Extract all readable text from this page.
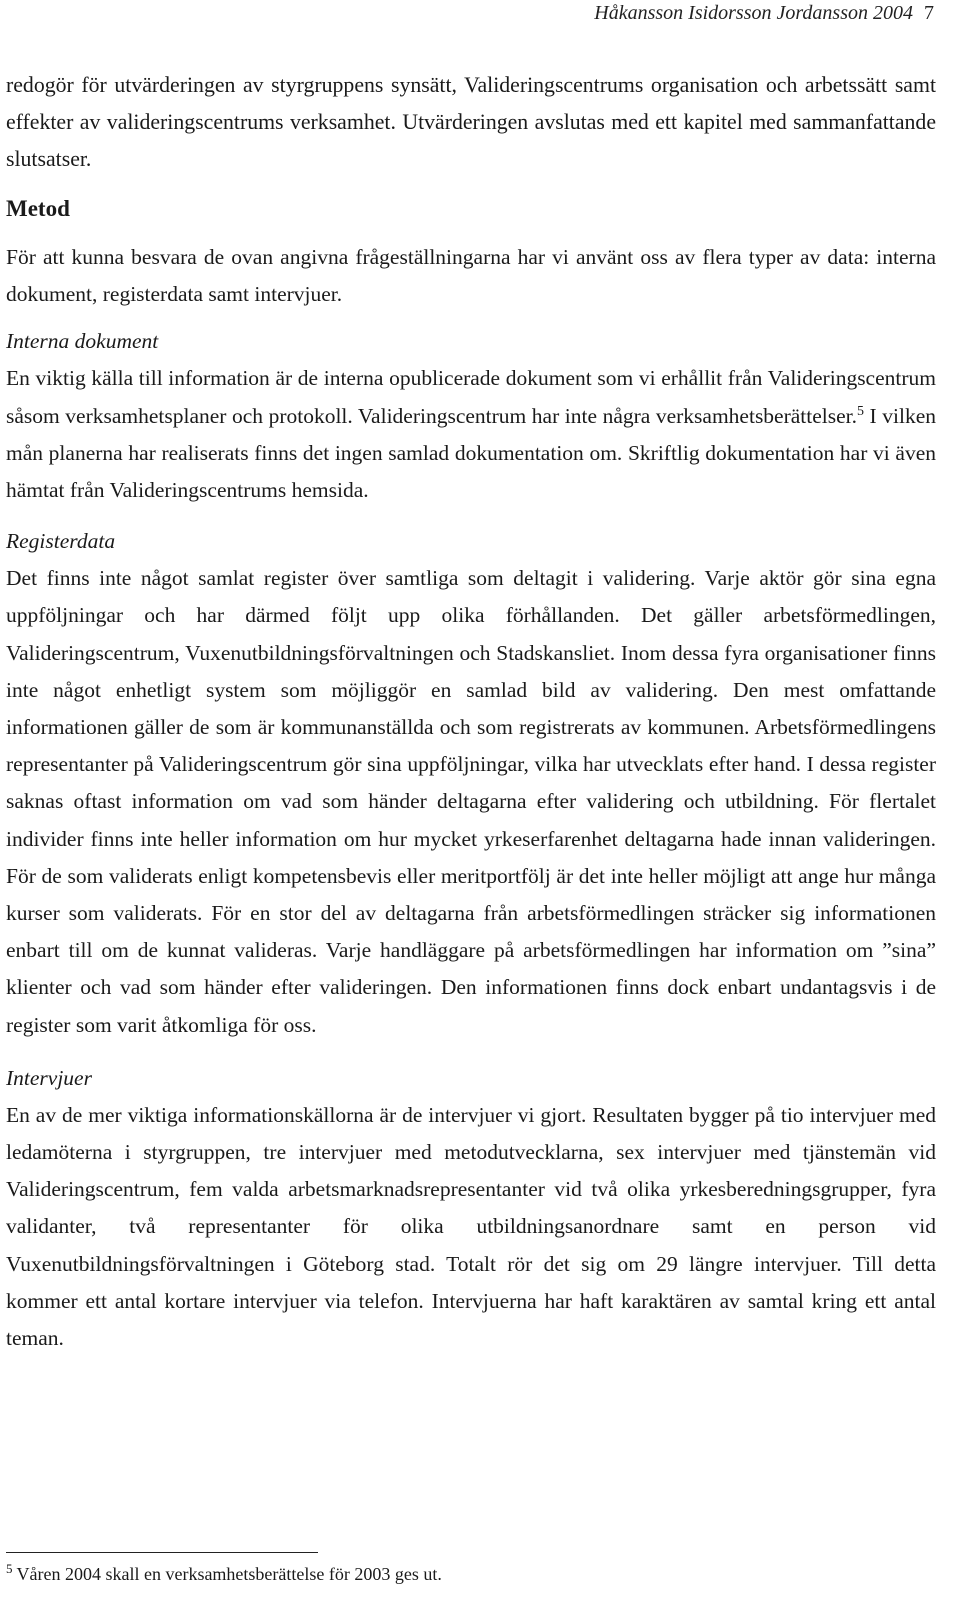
Håkansson Isidorsson Jordansson 2004 7

redogör för utvärderingen av styrgruppens synsätt, Valideringscentrums organisation och arbetssätt samt effekter av valideringscentrums verksamhet. Utvärderingen avslutas med ett kapitel med sammanfattande slutsatser.

Metod

För att kunna besvara de ovan angivna frågeställningarna har vi använt oss av flera typer av data: interna dokument, registerdata samt intervjuer.

Interna dokument

En viktig källa till information är de interna opublicerade dokument som vi erhållit från Valideringscentrum såsom verksamhetsplaner och protokoll. Valideringscentrum har inte några verksamhetsberättelser.$^5$ I vilken mån planerna har realiserats finns det ingen samlad dokumentation om. Skriftlig dokumentation har vi även hämtat från Valideringscentrums hemsida.

Registerdata

Det finns inte något samlat register över samtliga som deltagit i validering. Varje aktör gör sina egna uppföljningar och har därmed följt upp olika förhållanden. Det gäller arbetsförmedlingen, Valideringscentrum, Vuxenutbildningsförvaltningen och Stadskansliet. Inom dessa fyra organisationer finns inte något enhetligt system som möjliggör en samlad bild av validering. Den mest omfattande informationen gäller de som är kommunanställda och som registrerats av kommunen. Arbetsförmedlingens representanter på Valideringscentrum gör sina uppföljningar, vilka har utvecklats efter hand. I dessa register saknas oftast information om vad som händer deltagarna efter validering och utbildning. För flertalet individer finns inte heller information om hur mycket yrkeserfarenhet deltagarna hade innan valideringen. För de som validerats enligt kompetensbevis eller meritportfölj är det inte heller möjligt att ange hur många kurser som validerats. För en stor del av deltagarna från arbetsförmedlingen sträcker sig informationen enbart till om de kunnat valideras. Varje handläggare på arbetsförmedlingen har information om ”sina” klienter och vad som händer efter valideringen. Den informationen finns dock enbart undantagsvis i de register som varit åtkomliga för oss.

Intervjuer

En av de mer viktiga informationskällorna är de intervjuer vi gjort. Resultaten bygger på tio intervjuer med ledamöterna i styrgruppen, tre intervjuer med metodutvecklarna, sex intervjuer med tjänstemän vid Valideringscentrum, fem valda arbetsmarknadsrepresentanter vid två olika yrkesberedningsgrupper, fyra validanter, två representanter för olika utbildningsanordnare samt en person vid Vuxenutbildningsförvaltningen i Göteborg stad. Totalt rör det sig om 29 längre intervjuer. Till detta kommer ett antal kortare intervjuer via telefon. Intervjuerna har haft karaktären av samtal kring ett antal teman.

$^5$ Våren 2004 skall en verksamhetsberättelse för 2003 ges ut.
